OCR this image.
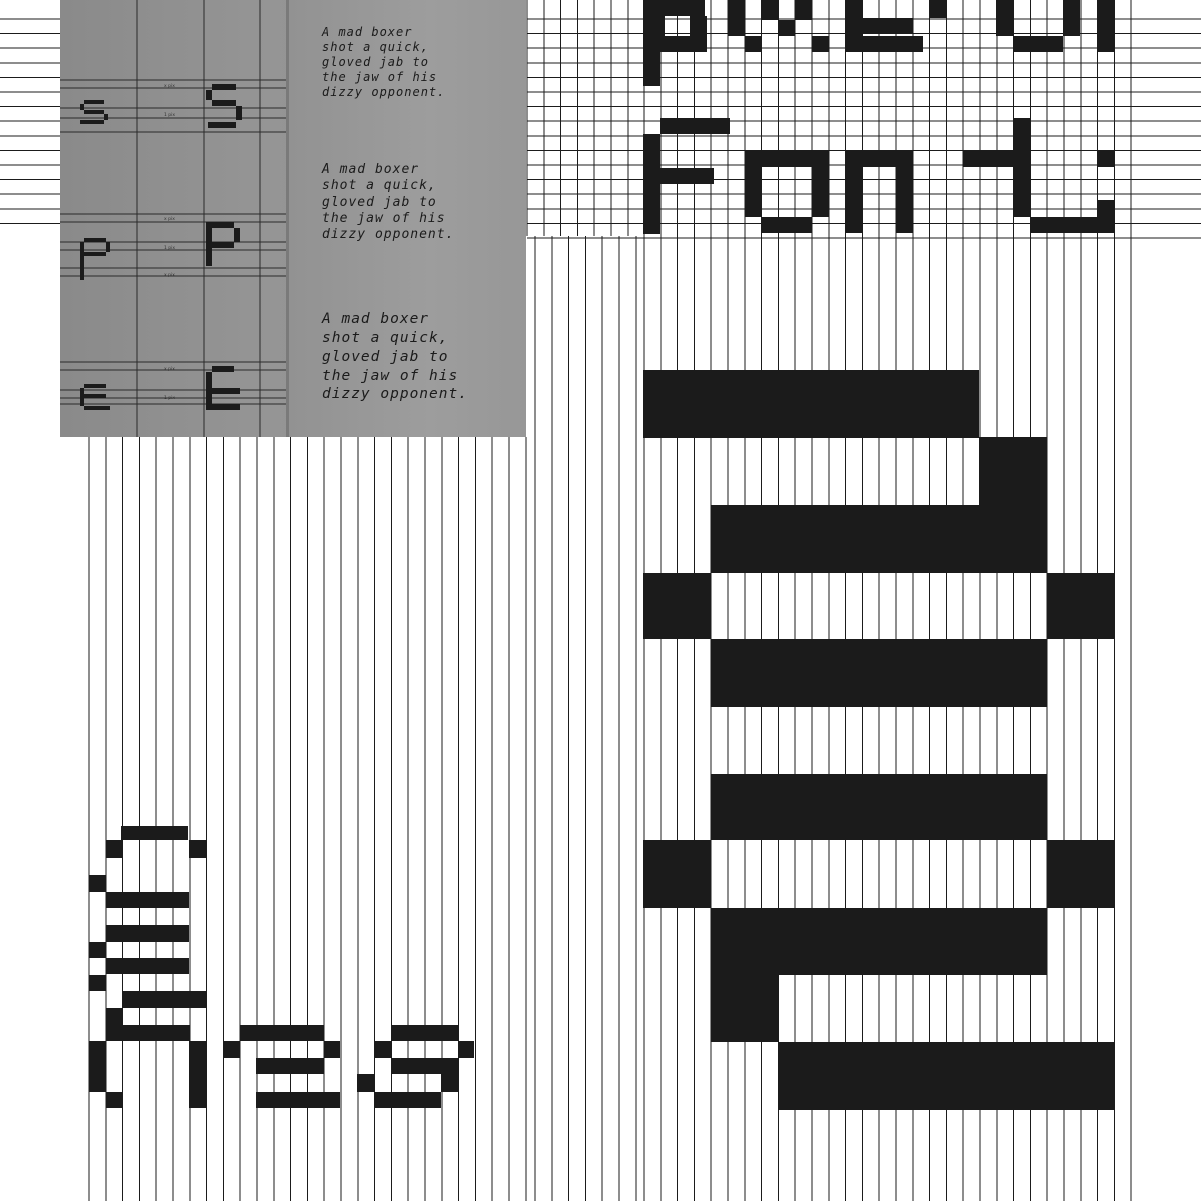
x pix
1 pix
x pix
1 pix
x pix
x pix
1 pix
A mad boxer
shot a quick,
gloved jab to
the jaw of his
dizzy opponent.
A mad boxer
shot a quick,
gloved jab to
the jaw of his
dizzy opponent.
A mad boxer
shot a quick,
gloved jab to
the jaw of his
dizzy opponent.
